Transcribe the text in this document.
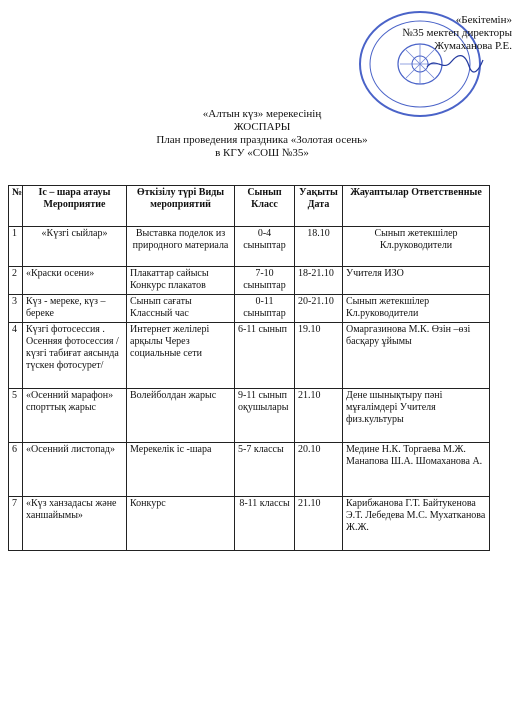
«Бекітемін»
№35 мектеп директоры
Жумаханова Р.Е.
«Алтын күз» мерекесінің
ЖОСПАРЫ
План проведения праздника «Золотая осень»
в КГУ «СОШ №35»
№	Іс – шара атауы Мероприятие	Өткізілу түрі Виды мероприятий	Сынып Класс	Уақыты Дата	Жауаптылар Ответственные
1	«Күзгі сыйлар»	Выставка поделок из природного материала	0-4 сыныптар	18.10	Сынып жетекшілер Кл.руководители
2	«Краски осени»	Плакаттар сайысы Конкурс плакатов	7-10 сыныптар	18-21.10	Учителя ИЗО
3	Күз - мереке, күз –береке	Сынып сағаты Классный час	0-11 сыныптар	20-21.10	Сынып жетекшілер Кл.руководители
4	Күзгі фотосессия . Осенняя фотосессия / күзгі табиғат аясында түскен фотосурет/	Интернет желілері арқылы Через социальные сети	6-11 сынып	19.10	Омаргазинова М.К. Өзін –өзі басқару ұйымы
5	«Осенний марафон» спорттық жарыс	Волейболдан жарыс	9-11 сынып оқушылары	21.10	Дене шынықтыру пәні мұғалімдері Учителя физ.культуры
6	«Осенний листопад»	Мерекелік іс -шара	5-7 классы	20.10	Медине Н.К. Торгаева М.Ж. Манапова Ш.А. Шомаханова А.
7	«Күз ханзадасы және ханшайымы»	Конкурс	8-11 классы	21.10	Карибжанова Г.Т. Байтукенова Э.Т. Лебедева М.С. Мухатканова Ж.Ж.
